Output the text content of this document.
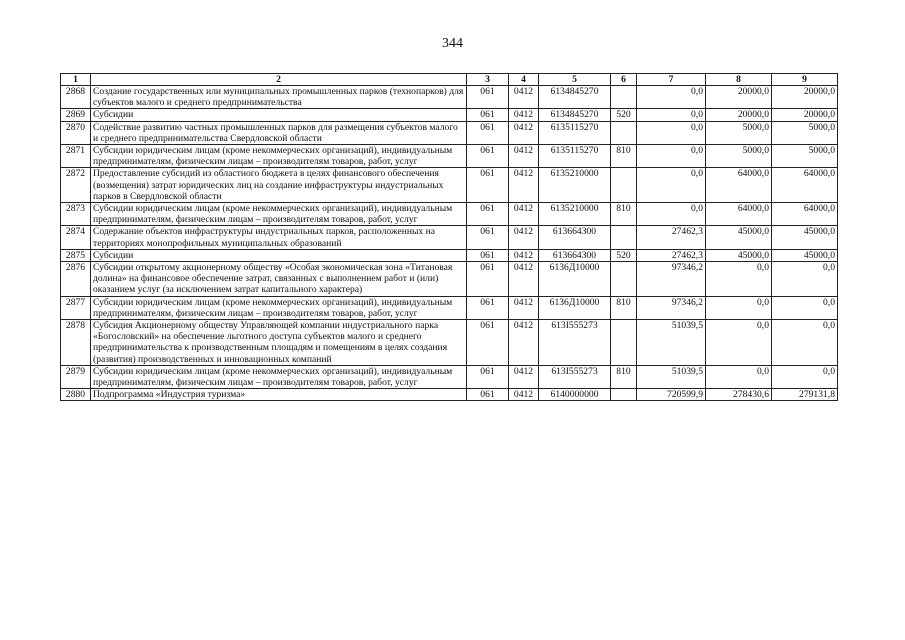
344
1	2	3	4	5	6	7	8	9
2868	Создание государственных или муниципальных промышленных парков (технопарков) для субъектов малого и среднего предпринимательства	061	0412	6134845270		0,0	20000,0	20000,0
2869	Субсидии	061	0412	6134845270	520	0,0	20000,0	20000,0
2870	Содействие развитию частных промышленных парков для размещения субъектов малого и среднего предпринимательства Свердловской области	061	0412	6135115270		0,0	5000,0	5000,0
2871	Субсидии юридическим лицам (кроме некоммерческих организаций), индивидуальным предпринимателям, физическим лицам – производителям товаров, работ, услуг	061	0412	6135115270	810	0,0	5000,0	5000,0
2872	Предоставление субсидий из областного бюджета в целях финансового обеспечения (возмещения) затрат юридических лиц на создание инфраструктуры индустриальных парков в Свердловской области	061	0412	6135210000		0,0	64000,0	64000,0
2873	Субсидии юридическим лицам (кроме некоммерческих организаций), индивидуальным предпринимателям, физическим лицам – производителям товаров, работ, услуг	061	0412	6135210000	810	0,0	64000,0	64000,0
2874	Содержание объектов инфраструктуры индустриальных парков, расположенных на территориях монопрофильных муниципальных образований	061	0412	613664З00		27462,3	45000,0	45000,0
2875	Субсидии	061	0412	613664З00	520	27462,3	45000,0	45000,0
2876	Субсидии открытому акционерному обществу «Особая экономическая зона «Титановая долина» на финансовое обеспечение затрат, связанных с выполнением работ и (или) оказанием услуг (за исключением затрат капитального характера)	061	0412	6136Д10000		97346,2	0,0	0,0
2877	Субсидии юридическим лицам (кроме некоммерческих организаций), индивидуальным предпринимателям, физическим лицам – производителям товаров, работ, услуг	061	0412	6136Д10000	810	97346,2	0,0	0,0
2878	Субсидия Акционерному обществу Управляющей компании индустриального парка «Богословский» на обеспечение льготного доступа субъектов малого и среднего предпринимательства к производственным площадям и помещениям в целях создания (развития) производственных и инновационных компаний	061	0412	613I555273		51039,5	0,0	0,0
2879	Субсидии юридическим лицам (кроме некоммерческих организаций), индивидуальным предпринимателям, физическим лицам – производителям товаров, работ, услуг	061	0412	613I555273	810	51039,5	0,0	0,0
2880	Подпрограмма «Индустрия туризма»	061	0412	6140000000		720599,9	278430,6	279131,8
